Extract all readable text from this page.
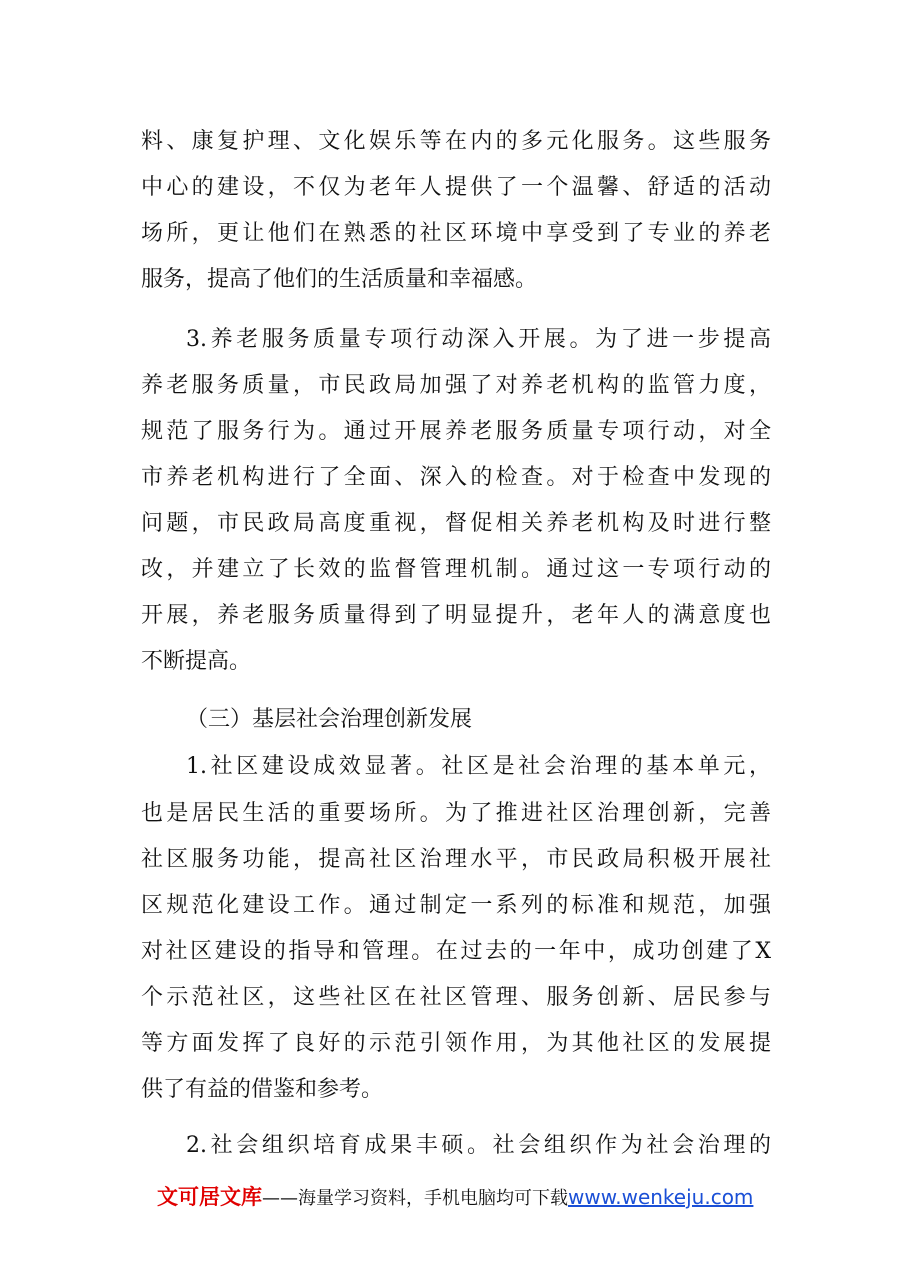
料、康复护理、文化娱乐等在内的多元化服务。这些服务
中心的建设，不仅为老年人提供了一个温馨、舒适的活动
场所，更让他们在熟悉的社区环境中享受到了专业的养老
服务，提高了他们的生活质量和幸福感。
3.养老服务质量专项行动深入开展。为了进一步提高
养老服务质量，市民政局加强了对养老机构的监管力度，
规范了服务行为。通过开展养老服务质量专项行动，对全
市养老机构进行了全面、深入的检查。对于检查中发现的
问题，市民政局高度重视，督促相关养老机构及时进行整
改，并建立了长效的监督管理机制。通过这一专项行动的
开展，养老服务质量得到了明显提升，老年人的满意度也
不断提高。
（三）基层社会治理创新发展
1.社区建设成效显著。社区是社会治理的基本单元，
也是居民生活的重要场所。为了推进社区治理创新，完善
社区服务功能，提高社区治理水平，市民政局积极开展社
区规范化建设工作。通过制定一系列的标准和规范，加强
对社区建设的指导和管理。在过去的一年中，成功创建了X
个示范社区，这些社区在社区管理、服务创新、居民参与
等方面发挥了良好的示范引领作用，为其他社区的发展提
供了有益的借鉴和参考。
2.社会组织培育成果丰硕。社会组织作为社会治理的
文可居文库 ——海量学习资料，手机电脑均可下载 www.wenkeju.com
